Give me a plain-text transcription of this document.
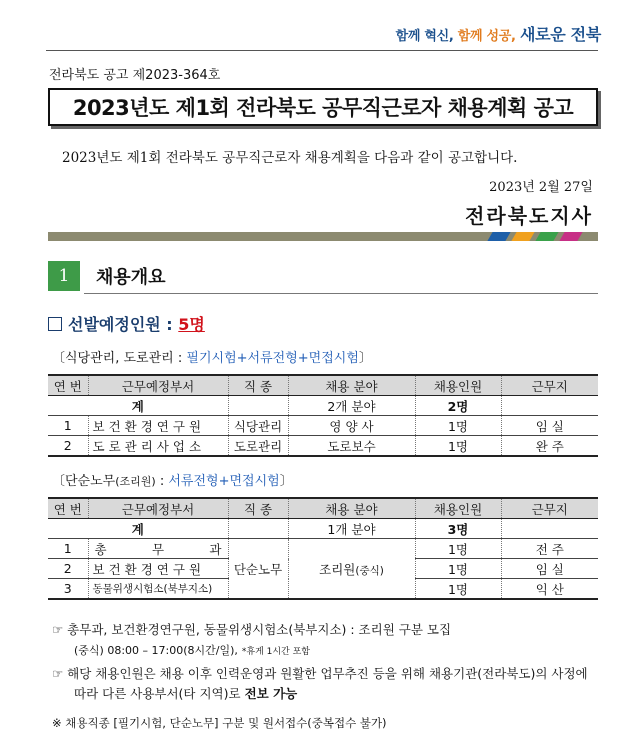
함께 혁신, 함께 성공, 새로운 전북
전라북도 공고 제2023-364호
2023년도 제1회 전라북도 공무직근로자 채용계획 공고
2023년도 제1회 전라북도 공무직근로자 채용계획을 다음과 같이 공고합니다.
2023년 2월 27일
전라북도지사
1	채용개요
선발예정인원 : 5명
〔식당관리, 도로관리 : 필기시험+서류전형+면접시험〕
연 번	근무예정부서	직 종	채용 분야	채용인원	근무지
계			2개 분야	2명	
1	보건환경연구원	식당관리	영 양 사	1명	임 실
2	도로관리사업소	도로관리	도로보수	1명	완 주
〔단순노무(조리원) : 서류전형+면접시험〕
연 번	근무예정부서	직 종	채용 분야	채용인원	근무지
계			1개 분야	3명	
1	총 무 과	단순노무	조리원(중식)	1명	전 주
2	보건환경연구원			1명	임 실
3	동물위생시험소(북부지소)			1명	익 산
☞ 총무과, 보건환경연구원, 동물위생시험소(북부지소) : 조리원 구분 모집
(중식) 08:00 – 17:00(8시간/일), *휴게 1시간 포함
☞ 해당 채용인원은 채용 이후 인력운영과 원활한 업무추진 등을 위해 채용기관(전라북도)의 사정에
따라 다른 사용부서(타 지역)로 전보 가능
※ 채용직종 [필기시험, 단순노무] 구분 및 원서접수(중복접수 불가)
